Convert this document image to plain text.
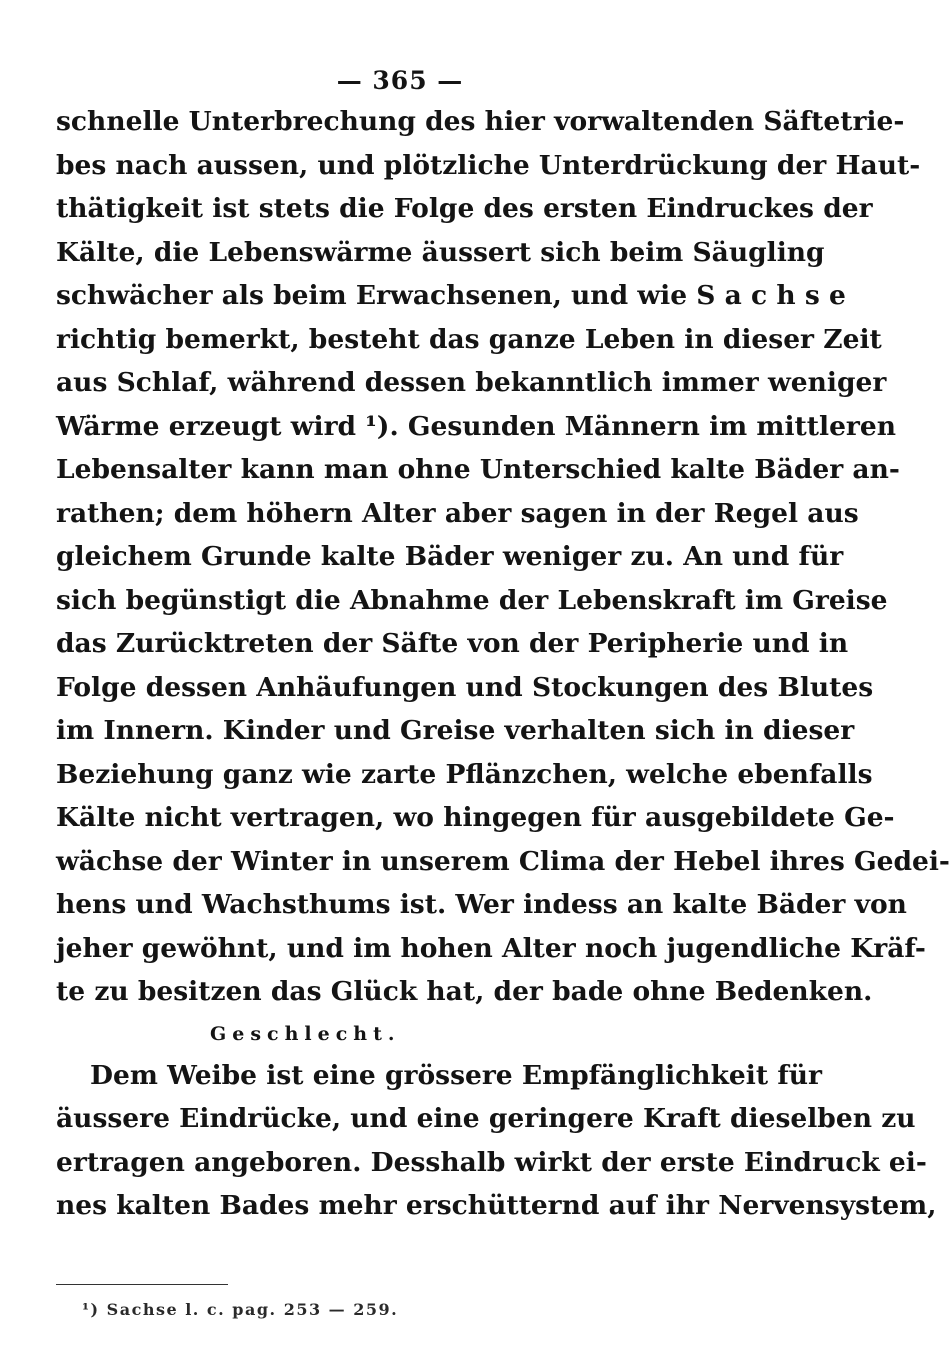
— 365 —
schnelle Unterbrechung des hier vorwaltenden Säftetrie-
bes nach aussen, und plötzliche Unterdrückung der Haut-
thätigkeit ist stets die Folge des ersten Eindruckes der
Kälte, die Lebenswärme äussert sich beim Säugling
schwächer als beim Erwachsenen, und wie S a c h s e
richtig bemerkt, besteht das ganze Leben in dieser Zeit
aus Schlaf, während dessen bekanntlich immer weniger
Wärme erzeugt wird ¹). Gesunden Männern im mittleren
Lebensalter kann man ohne Unterschied kalte Bäder an-
rathen; dem höhern Alter aber sagen in der Regel aus
gleichem Grunde kalte Bäder weniger zu. An und für
sich begünstigt die Abnahme der Lebenskraft im Greise
das Zurücktreten der Säfte von der Peripherie und in
Folge dessen Anhäufungen und Stockungen des Blutes
im Innern. Kinder und Greise verhalten sich in dieser
Beziehung ganz wie zarte Pflänzchen, welche ebenfalls
Kälte nicht vertragen, wo hingegen für ausgebildete Ge-
wächse der Winter in unserem Clima der Hebel ihres Gedei-
hens und Wachsthums ist. Wer indess an kalte Bäder von
jeher gewöhnt, und im hohen Alter noch jugendliche Kräf-
te zu besitzen das Glück hat, der bade ohne Bedenken.
Geschlecht.
Dem Weibe ist eine grössere Empfänglichkeit für
äussere Eindrücke, und eine geringere Kraft dieselben zu
ertragen angeboren. Desshalb wirkt der erste Eindruck ei-
nes kalten Bades mehr erschütternd auf ihr Nervensystem,
¹) Sachse l. c. pag. 253 — 259.
